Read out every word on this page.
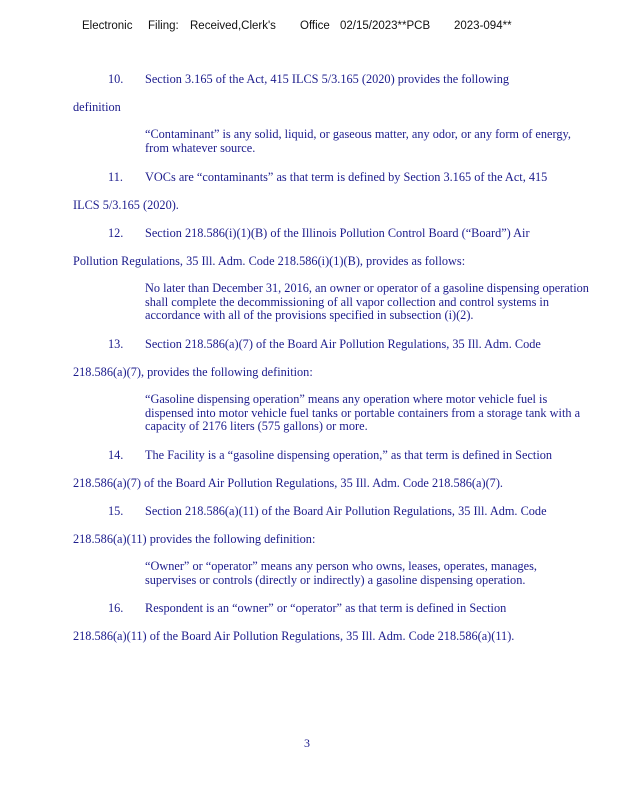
Electronic Filing: Received,Clerk's Office 02/15/2023**PCB 2023-094**
10. Section 3.165 of the Act, 415 ILCS 5/3.165 (2020) provides the following
definition
“Contaminant” is any solid, liquid, or gaseous matter, any odor, or any form of energy, from whatever source.
11. VOCs are “contaminants” as that term is defined by Section 3.165 of the Act, 415
ILCS 5/3.165 (2020).
12. Section 218.586(i)(1)(B) of the Illinois Pollution Control Board (“Board”) Air
Pollution Regulations, 35 Ill. Adm. Code 218.586(i)(1)(B), provides as follows:
No later than December 31, 2016, an owner or operator of a gasoline dispensing operation shall complete the decommissioning of all vapor collection and control systems in accordance with all of the provisions specified in subsection (i)(2).
13. Section 218.586(a)(7) of the Board Air Pollution Regulations, 35 Ill. Adm. Code
218.586(a)(7), provides the following definition:
“Gasoline dispensing operation” means any operation where motor vehicle fuel is dispensed into motor vehicle fuel tanks or portable containers from a storage tank with a capacity of 2176 liters (575 gallons) or more.
14. The Facility is a “gasoline dispensing operation,” as that term is defined in Section
218.586(a)(7) of the Board Air Pollution Regulations, 35 Ill. Adm. Code 218.586(a)(7).
15. Section 218.586(a)(11) of the Board Air Pollution Regulations, 35 Ill. Adm. Code
218.586(a)(11) provides the following definition:
“Owner” or “operator” means any person who owns, leases, operates, manages, supervises or controls (directly or indirectly) a gasoline dispensing operation.
16. Respondent is an “owner” or “operator” as that term is defined in Section
218.586(a)(11) of the Board Air Pollution Regulations, 35 Ill. Adm. Code 218.586(a)(11).
3
